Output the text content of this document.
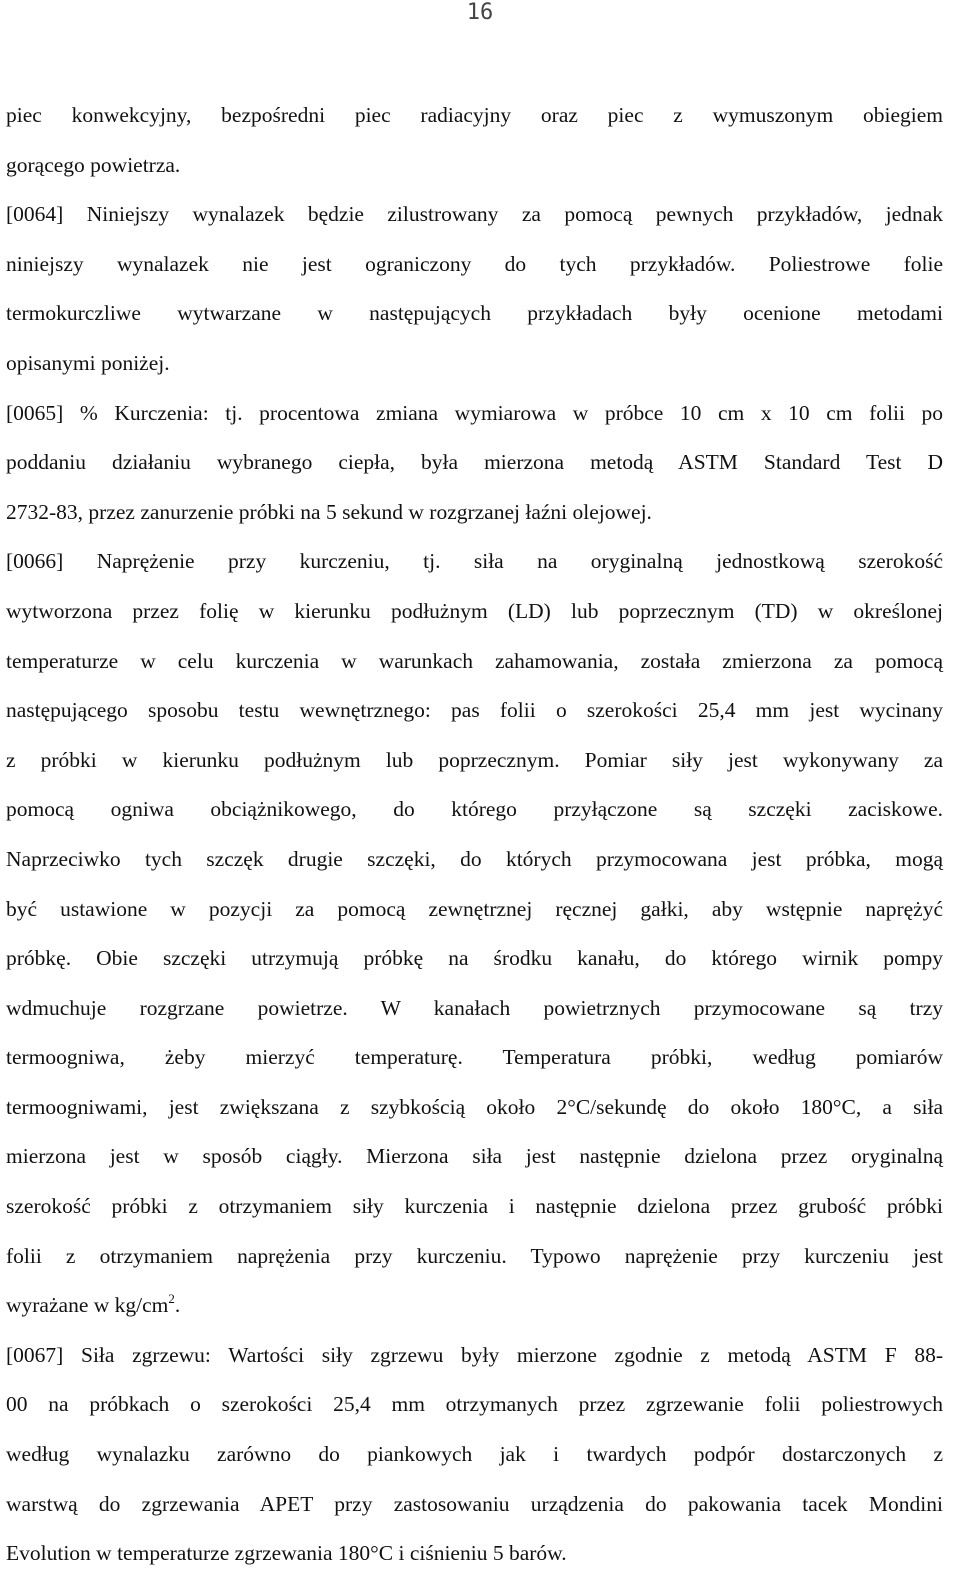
16
piec konwekcyjny, bezpośredni piec radiacyjny oraz piec z wymuszonym obiegiem
gorącego powietrza.
[0064] Niniejszy wynalazek będzie zilustrowany za pomocą pewnych przykładów, jednak
niniejszy wynalazek nie jest ograniczony do tych przykładów. Poliestrowe folie
termokurczliwe wytwarzane w następujących przykładach były ocenione metodami
opisanymi poniżej.
[0065] % Kurczenia: tj. procentowa zmiana wymiarowa w próbce 10 cm x 10 cm folii po
poddaniu działaniu wybranego ciepła, była mierzona metodą ASTM Standard Test D
2732-83, przez zanurzenie próbki na 5 sekund w rozgrzanej łaźni olejowej.
[0066] Naprężenie przy kurczeniu, tj. siła na oryginalną jednostkową szerokość
wytworzona przez folię w kierunku podłużnym (LD) lub poprzecznym (TD) w określonej
temperaturze w celu kurczenia w warunkach zahamowania, została zmierzona za pomocą
następującego sposobu testu wewnętrznego: pas folii o szerokości 25,4 mm jest wycinany
z próbki w kierunku podłużnym lub poprzecznym. Pomiar siły jest wykonywany za
pomocą ogniwa obciążnikowego, do którego przyłączone są szczęki zaciskowe.
Naprzeciwko tych szczęk drugie szczęki, do których przymocowana jest próbka, mogą
być ustawione w pozycji za pomocą zewnętrznej ręcznej gałki, aby wstępnie naprężyć
próbkę. Obie szczęki utrzymują próbkę na środku kanału, do którego wirnik pompy
wdmuchuje rozgrzane powietrze. W kanałach powietrznych przymocowane są trzy
termoogniwa, żeby mierzyć temperaturę. Temperatura próbki, według pomiarów
termoogniwami, jest zwiększana z szybkością około 2°C/sekundę do około 180°C, a siła
mierzona jest w sposób ciągły. Mierzona siła jest następnie dzielona przez oryginalną
szerokość próbki z otrzymaniem siły kurczenia i następnie dzielona przez grubość próbki
folii z otrzymaniem naprężenia przy kurczeniu. Typowo naprężenie przy kurczeniu jest
wyrażane w $kg/cm^2$.
[0067] Siła zgrzewu: Wartości siły zgrzewu były mierzone zgodnie z metodą ASTM F 88-
00 na próbkach o szerokości 25,4 mm otrzymanych przez zgrzewanie folii poliestrowych
według wynalazku zarówno do piankowych jak i twardych podpór dostarczonych z
warstwą do zgrzewania APET przy zastosowaniu urządzenia do pakowania tacek Mondini
Evolution w temperaturze zgrzewania 180°C i ciśnieniu 5 barów.
